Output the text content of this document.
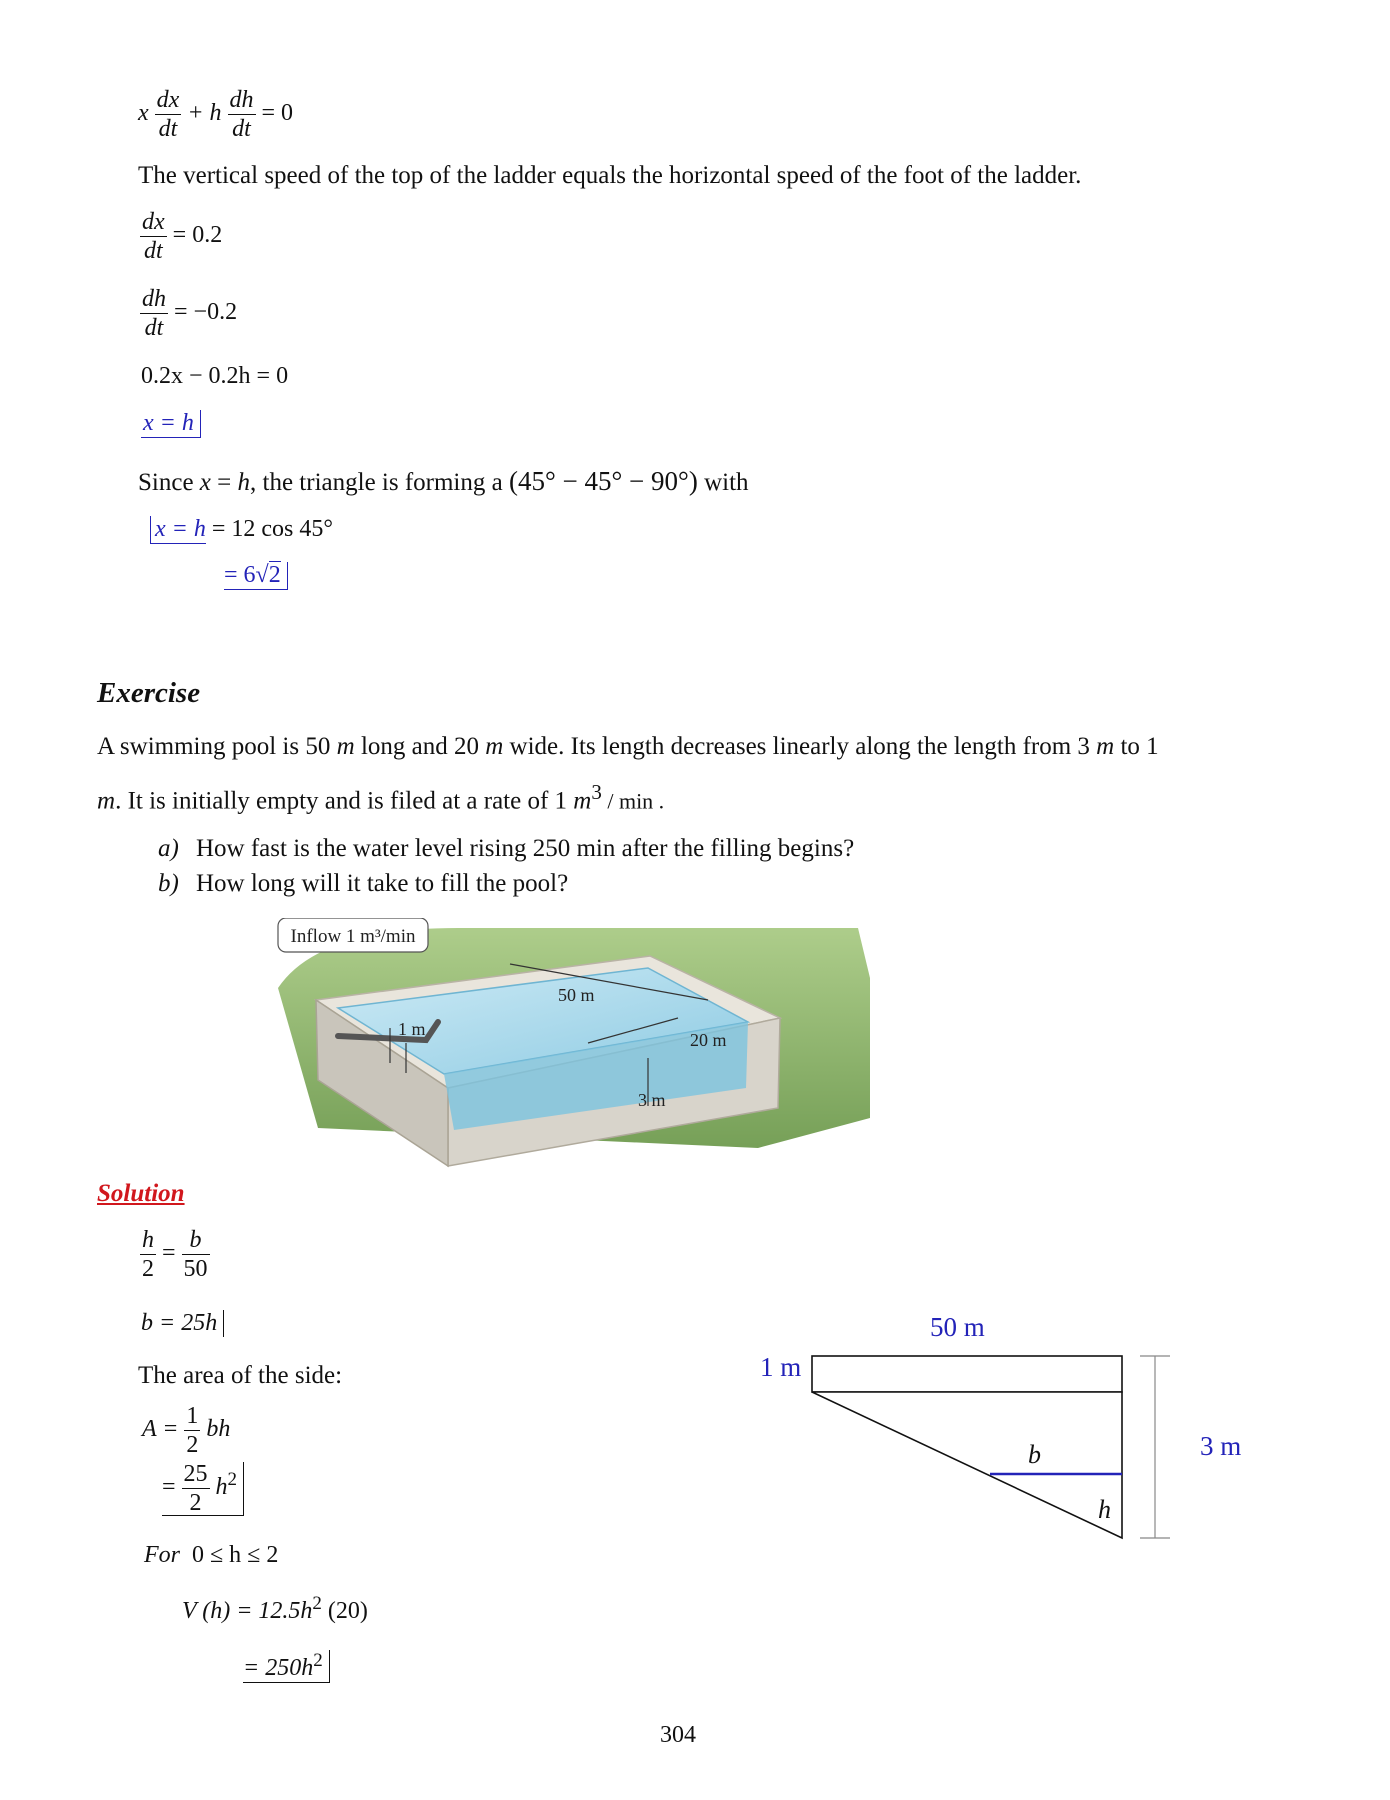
x $\frac{dx}{dt} + h \frac{dh}{dt} = 0$
The vertical speed of the top of the ladder equals the horizontal speed of the foot of the ladder.
$\frac{dx}{dt} = 0.2$
$\frac{dh}{dt} = -0.2$
0.2x − 0.2h = 0
x = h
Since x = h, the triangle is forming a (45° − 45° − 90°) with
x = h = 12 cos 45°
= 6√2
Exercise
A swimming pool is 50 m long and 20 m wide. Its length decreases linearly along the length from 3 m to 1
m. It is initially empty and is filed at a rate of 1 $m^3$ / min .
a) How fast is the water level rising 250 min after the filling begins?
b) How long will it take to fill the pool?
Inflow 1 m³/min
50 m
20 m
1 m
3 m
Solution
$\frac{h}{2} = \frac{b}{50}$
b = 25h
The area of the side:
$A = \frac{1}{2}$ bh
= $\frac{25}{2} h^2$
For 0 ≤ h ≤ 2
V $(h) = 12.5h^2$ (20)
= $250h^2$
50 m
1 m
b
h
3 m
304
